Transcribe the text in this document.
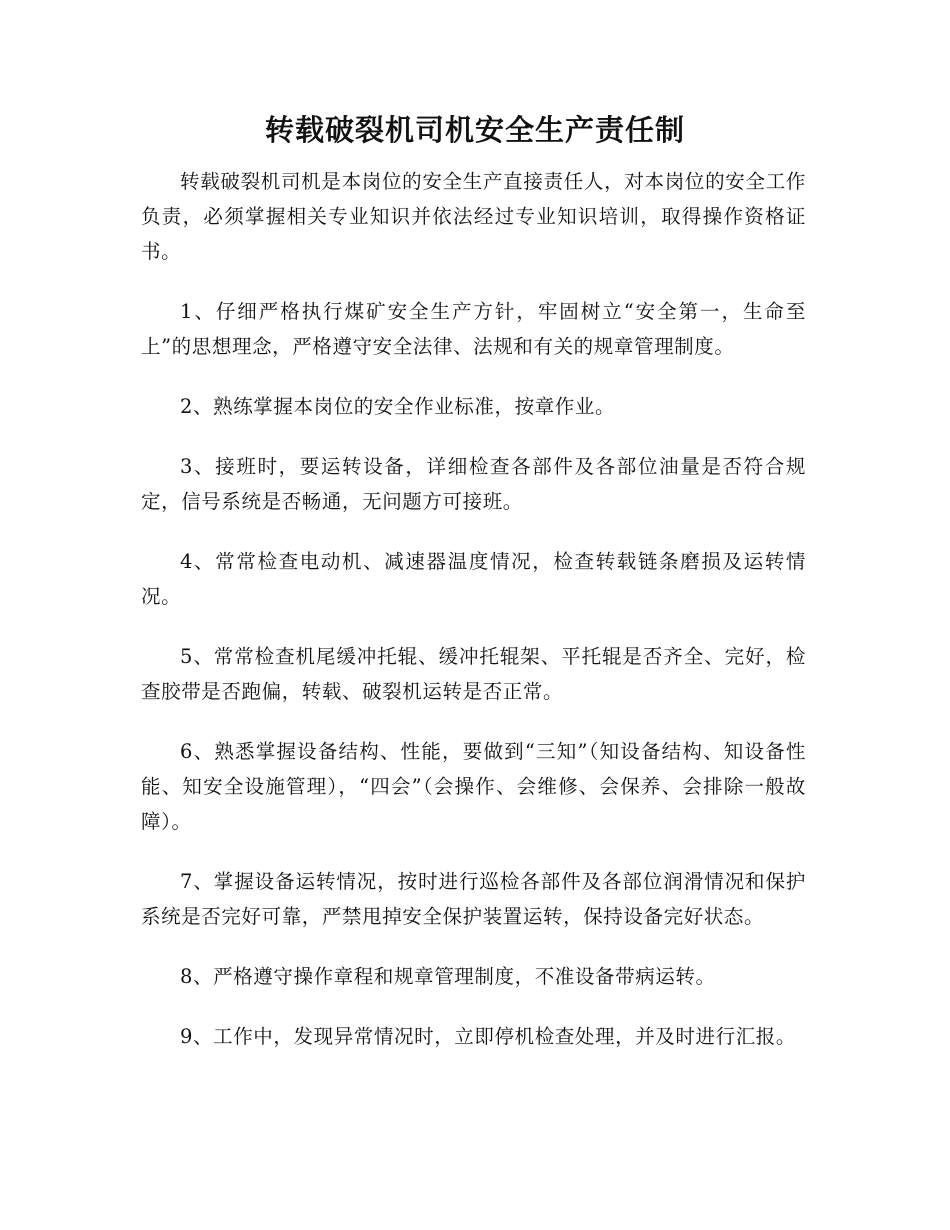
转载破裂机司机安全生产责任制

转载破裂机司机是本岗位的安全生产直接责任人，对本岗位的安全工作负责，必须掌握相关专业知识并依法经过专业知识培训，取得操作资格证书。

1、仔细严格执行煤矿安全生产方针，牢固树立“安全第一，生命至上”的思想理念，严格遵守安全法律、法规和有关的规章管理制度。

2、熟练掌握本岗位的安全作业标准，按章作业。

3、接班时，要运转设备，详细检查各部件及各部位油量是否符合规定，信号系统是否畅通，无问题方可接班。

4、常常检查电动机、减速器温度情况，检查转载链条磨损及运转情况。

5、常常检查机尾缓冲托辊、缓冲托辊架、平托辊是否齐全、完好，检查胶带是否跑偏，转载、破裂机运转是否正常。

6、熟悉掌握设备结构、性能，要做到“三知”（知设备结构、知设备性能、知安全设施管理），“四会”（会操作、会维修、会保养、会排除一般故障）。

7、掌握设备运转情况，按时进行巡检各部件及各部位润滑情况和保护系统是否完好可靠，严禁甩掉安全保护装置运转，保持设备完好状态。

8、严格遵守操作章程和规章管理制度，不准设备带病运转。

9、工作中，发现异常情况时，立即停机检查处理，并及时进行汇报。
